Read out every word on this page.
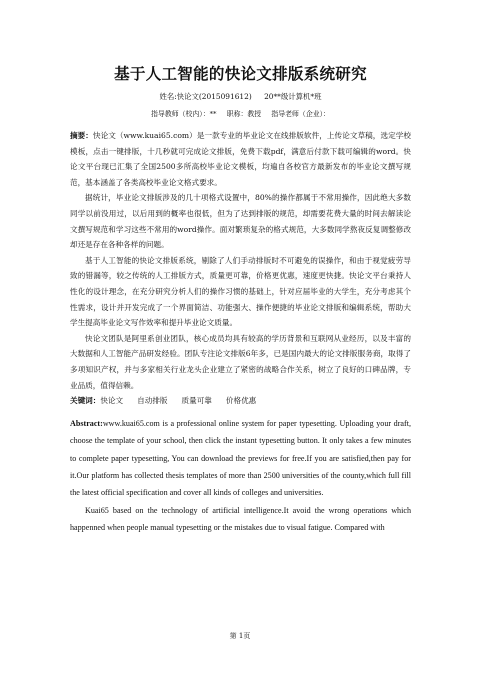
基于人工智能的快论文排版系统研究
姓名:快论文(2015091612) 20**级计算机*班
指导教师（校内）：** 职称：教授 指导老师（企业）：

摘要：快论文（www.kuai65.com）是一款专业的毕业论文在线排版软件，上传论文草稿，选定学校模板，点击一键排版，十几秒就可完成论文排版，免费下载pdf，满意后付款下载可编辑的word。快论文平台现已汇集了全国2500多所高校毕业论文模板，均遍自各校官方最新发布的毕业论文撰写规范，基本涵盖了各类高校毕业论文格式要求。

据统计，毕业论文排版涉及的几十项格式设置中，80%的操作都属于不常用操作，因此绝大多数同学以前没用过，以后用到的概率也很低，但为了达到排版的规范，却需要花费大量的时间去解读论文撰写规范和学习这些不常用的word操作。面对繁琐复杂的格式规范，大多数同学熬夜反复调整修改却还是存在各种各样的问题。

基于人工智能的快论文排版系统，剔除了人们手动排版时不可避免的误操作，和由于视觉疲劳导致的错漏等，较之传统的人工排版方式，质量更可靠，价格更优惠，速度更快捷。快论文平台秉持人性化的设计理念，在充分研究分析人们的操作习惯的基础上，针对应届毕业的大学生，充分考虑其个性需求，设计并开发完成了一个界面简洁、功能强大、操作便捷的毕业论文排版和编辑系统，帮助大学生提高毕业论文写作效率和提升毕业论文质量。

快论文团队是阿里系创业团队，核心成员均具有较高的学历背景和互联网从业经历，以及丰富的大数据和人工智能产品研发经验。团队专注论文排版6年多，已是国内最大的论文排版服务商，取得了多项知识产权，并与多家相关行业龙头企业建立了紧密的战略合作关系，树立了良好的口碑品牌，专业品质，值得信赖。

关键词：快论文 自动排版 质量可靠 价格优惠

Abstract:www.kuai65.com is a professional online system for paper typesetting. Uploading your draft, choose the template of your school, then click the instant typesetting button. It only takes a few minutes to complete paper typesetting, You can download the previews for free.If you are satisfied,then pay for it.Our platform has collected thesis templates of more than 2500 universities of the county,which full fill the latest official specification and cover all kinds of colleges and universities.

Kuai65 based on the technology of artificial intelligence.It avoid the wrong operations which happenned when people manual typesetting or the mistakes due to visual fatigue. Compared with

第 1页
